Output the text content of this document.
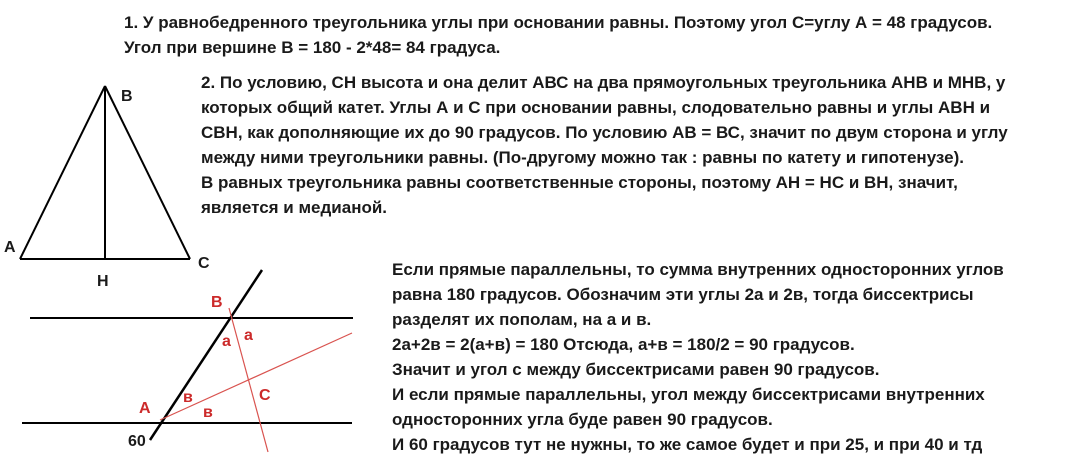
1. У равнобедренного треугольника углы при основании равны. Поэтому угол С=углу А = 48 градусов.
Угол при вершине В = 180 - 2*48= 84 градуса.
2. По условию, СН высота и она делит АВС на два прямоугольных треугольника АНВ и МНВ, у
которых общий катет. Углы А и С при основании равны, слодовательно равны и углы АВН и
СВН, как дополняющие их до 90 градусов. По условию АВ = ВС, значит по двум сторона и углу
между ними треугольники равны. (По-другому можно так : равны по катету и гипотенузе).
В равных треугольника равны соответственные стороны, поэтому АН = НС и ВН, значит,
является и медианой.
Если прямые параллельны, то сумма внутренних односторонних углов
равна 180 градусов. Обозначим эти углы 2а и 2в, тогда биссектрисы
разделят их пополам, на а и в.
2а+2в = 2(а+в) = 180 Отсюда, а+в = 180/2 = 90 градусов.
Значит и угол с между биссектрисами равен 90 градусов.
И если прямые параллельны, угол между биссектрисами внутренних
односторонних угла буде равен 90 градусов.
И 60 градусов тут не нужны, то же самое будет и при 25, и при 40 и тд
B
A
C
H
B
a a
A
в
в
C
60
